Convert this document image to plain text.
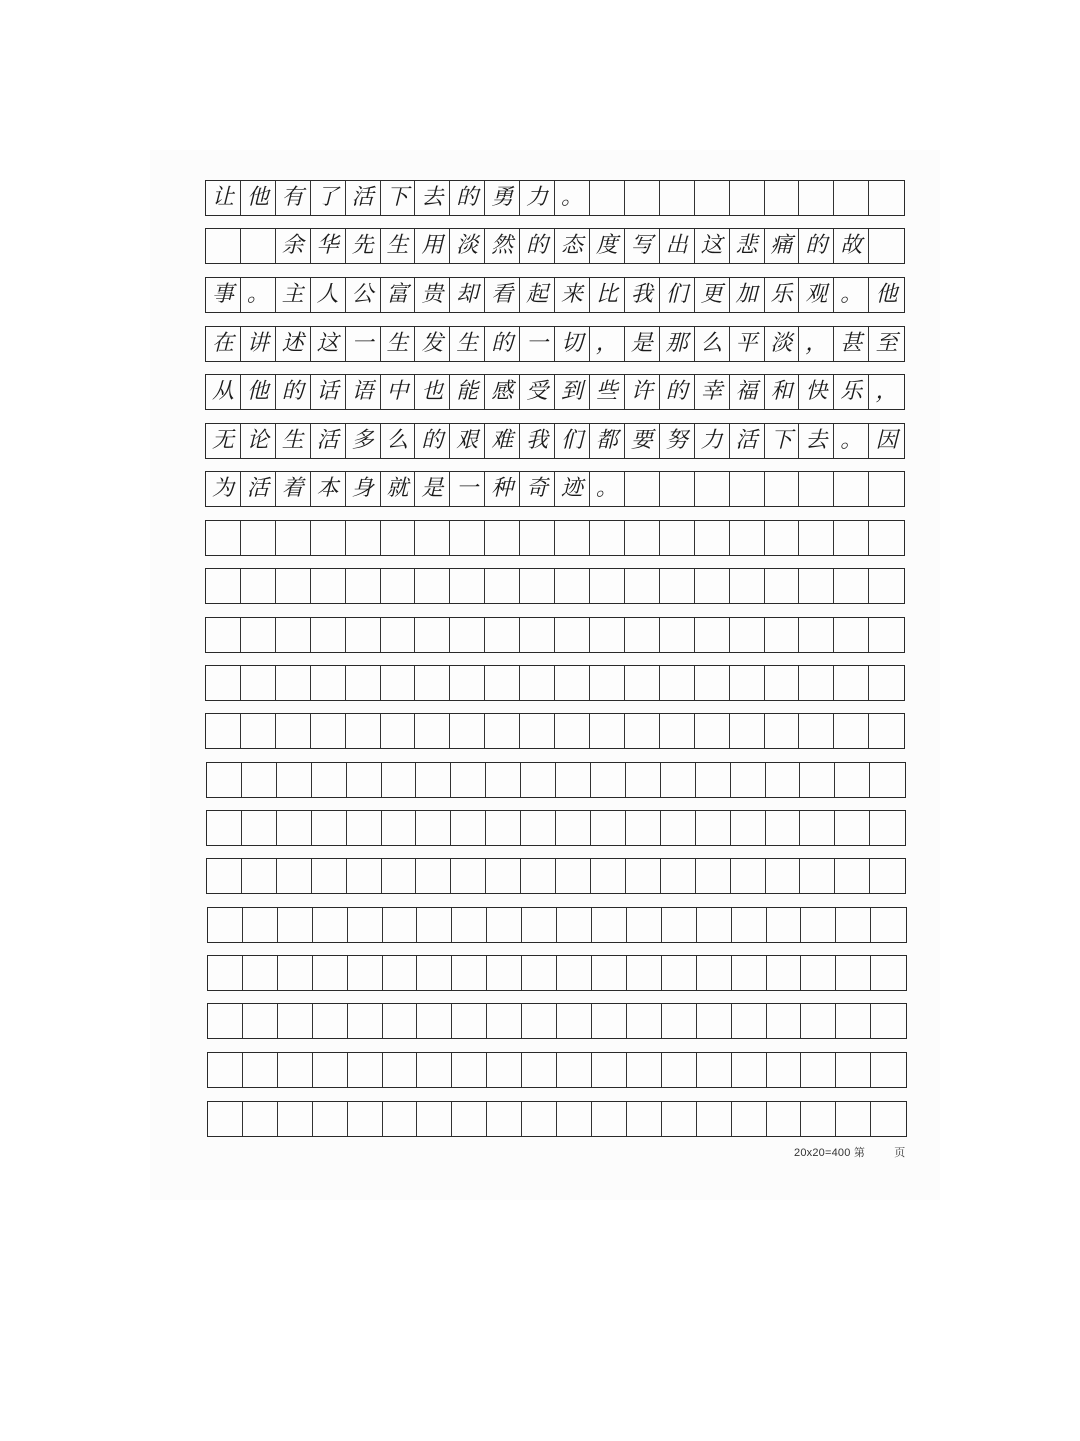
让 他 有 了 活 下 去 的 勇 力 。
余 华 先 生 用 淡 然 的 态 度 写 出 这 悲 痛 的 故
事 。 主 人 公 富 贵 却 看 起 来 比 我 们 更 加 乐 观 。 他
在 讲 述 这 一 生 发 生 的 一 切 ， 是 那 么 平 淡 ， 甚 至
从 他 的 话 语 中 也 能 感 受 到 些 许 的 幸 福 和 快 乐 ，
无 论 生 活 多 么 的 艰 难 我 们 都 要 努 力 活 下 去 。 因
为 活 着 本 身 就 是 一 种 奇 迹 。
20x20=400 第	页
